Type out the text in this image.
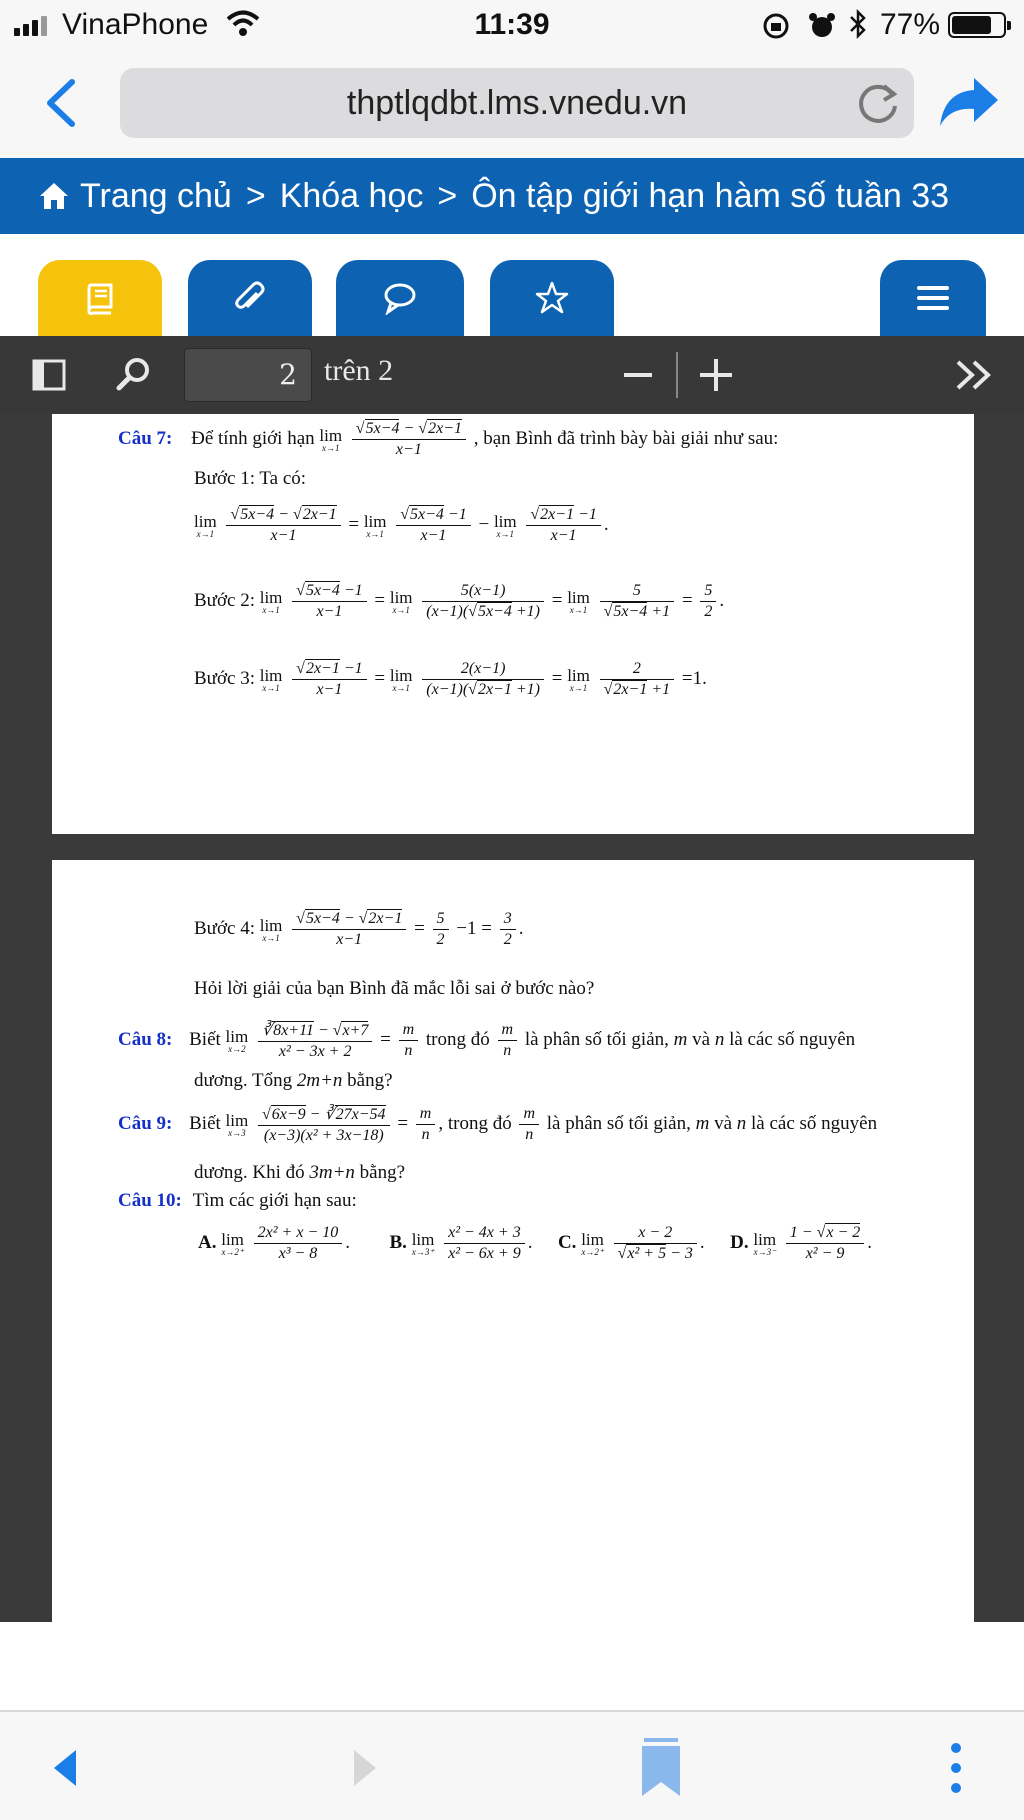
VinaPhone	11:39	77%
thptlqdbt.lms.vnedu.vn
Trang chủ > Khóa học > Ôn tập giới hạn hàm số tuần 33
2 trên 2
Câu 7: Để tính giới hạn lim
x→1
√ $\frac{5x-4 - √ 2x-1}{x-1}$ , bạn Bình đã trình bày bài giải như sau:
Bước 1: Ta có:
lim
x→1
√ $\frac{5x-4 - √ 2x-1}{x-1} = \lim$
x→1
√ $\frac{5x-4 -1}{x-1} - \lim$
x→1
√ $\frac{2x-1 -1}{x-1}$ .
Bước 2: lim
x→1
√ $\frac{5x-4 -1}{x-1} = \lim$
x→1
$\frac{5(x-1)}{(x-1)( √ 5x-4 +1)} = \lim$
x→1
5
√ $5x-4 +1 = \frac{5}{2}$ .
Bước 3: lim
x→1
√ $\frac{2x-1 -1}{x-1} = \lim$
x→1
$\frac{2(x-1)}{(x-1)( √ 2x-1 +1)} = \lim$
x→1
2
√ 2x−1 +1 =1.
Bước 4: lim
x→1
√ $\frac{5x-4 - √ 2x-1}{x-1} = \frac{5}{2} -1 = \frac{3}{2}$ .
Hỏi lời giải của bạn Bình đã mắc lỗi sai ở bước nào?
Câu 8: Biết lim
x→2
$\frac{∛8x+11 - √ x+7}{\text{x² − 3x + 2}} = \frac{m}{n}$ trong đó $\frac{m}{n}$ là phân số tối giản, m và n là các số nguyên
dương. Tổng 2m+n bằng?
Câu 9: Biết lim
x→3
√ $\frac{6x-9 - ∛27x-54}{\text{(x−3)(x² + 3x−18)}} = \frac{m}{n}$ , trong đó $\frac{m}{n}$ là phân số tối giản, m và n là các số nguyên
dương. Khi đó 3m+n bằng?
Câu 10: Tìm các giới hạn sau:
A. lim
x→2⁺
$\frac{\text{2x² + x − 10}}{\text{x³ − 8}}$ .  B. lim
x→3⁺
$\frac{\text{x² − 4x + 3}}{\text{x² − 6x + 9}}$ .  C. lim
x→2⁺
x − 2
√ x² + 5 − 3 .  D. lim
x→3⁻
$\frac{1 - √ x - 2}{\text{x² − 9}}$ .
